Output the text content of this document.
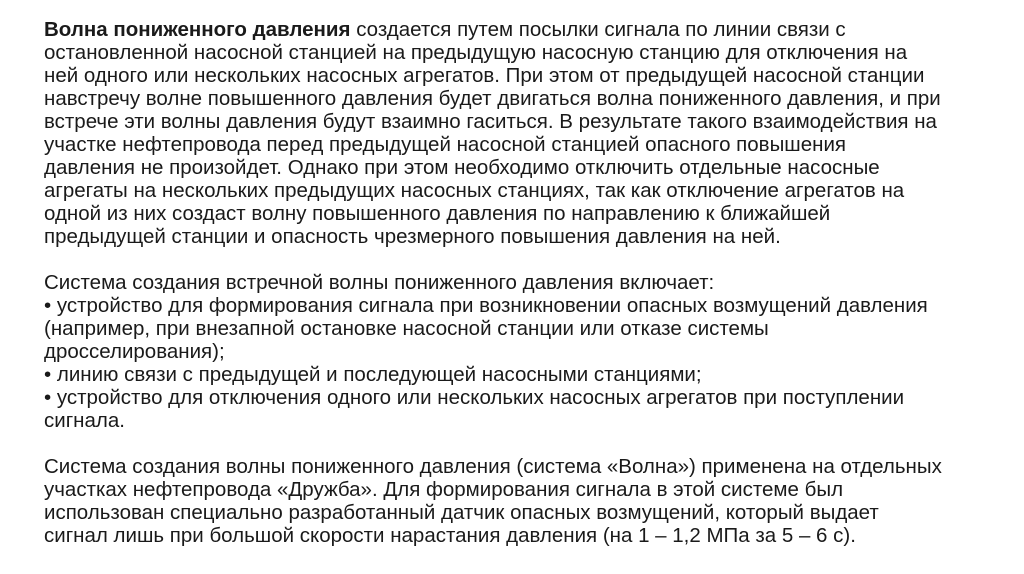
Волна пониженного давления создается путем посылки сигнала по линии связи с
остановленной насосной станцией на предыдущую насосную станцию для отключения на
ней одного или нескольких насосных агрегатов. При этом от предыдущей насосной станции
навстречу волне повышенного давления будет двигаться волна пониженного давления, и при
встрече эти волны давления будут взаимно гаситься. В результате такого взаимодействия на
участке нефтепровода перед предыдущей насосной станцией опасного повышения
давления не произойдет. Однако при этом необходимо отключить отдельные насосные
агрегаты на нескольких предыдущих насосных станциях, так как отключение агрегатов на
одной из них создаст волну повышенного давления по направлению к ближайшей
предыдущей станции и опасность чрезмерного повышения давления на ней.
Система создания встречной волны пониженного давления включает:
• устройство для формирования сигнала при возникновении опасных возмущений давления
(например, при внезапной остановке насосной станции или отказе системы
дросселирования);
• линию связи с предыдущей и последующей насосными станциями;
• устройство для отключения одного или нескольких насосных агрегатов при поступлении
сигнала.
Система создания волны пониженного давления (система «Волна») применена на отдельных
участках нефтепровода «Дружба». Для формирования сигнала в этой системе был
использован специально разработанный датчик опасных возмущений, который выдает
сигнал лишь при большой скорости нарастания давления (на 1 – 1,2 МПа за 5 – 6 с).
